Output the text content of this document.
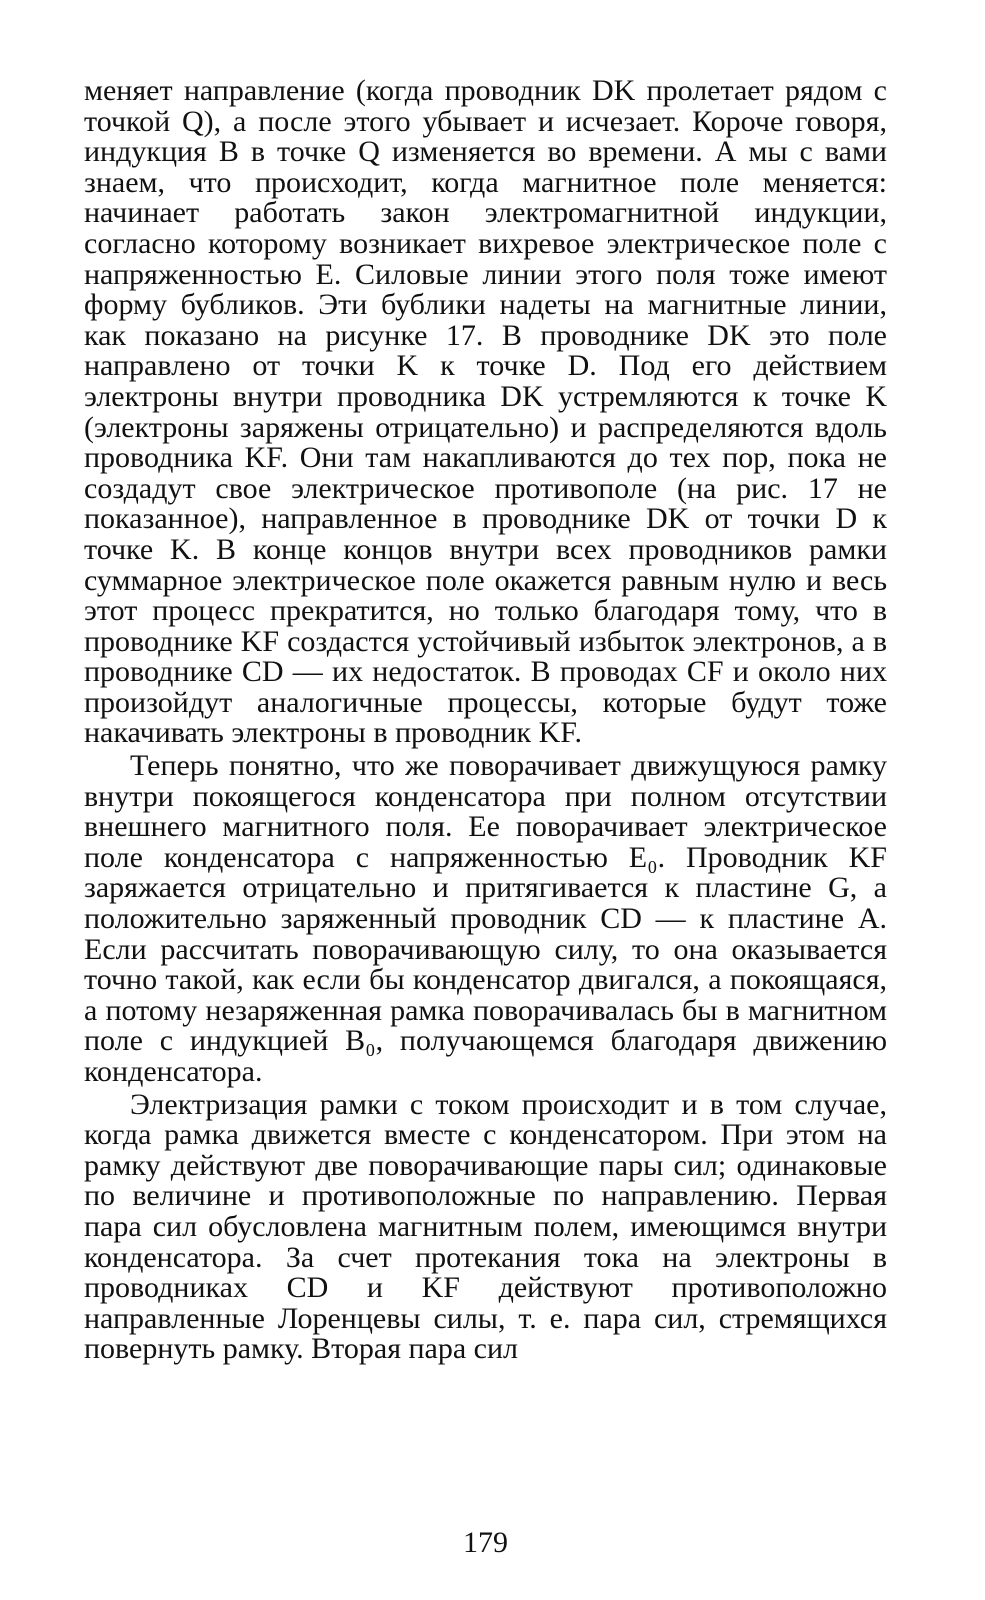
меняет направление (когда проводник DK пролетает рядом с точкой Q), а после этого убывает и исчезает. Короче говоря, индукция B в точке Q изменяется во времени. А мы с вами знаем, что происходит, когда магнитное поле меняется: начинает работать закон электромагнитной индукции, согласно которому возникает вихревое электрическое поле с напряженностью E. Силовые линии этого поля тоже имеют форму бубликов. Эти бублики надеты на магнитные линии, как показано на рисунке 17. В проводнике DK это поле направлено от точки K к точке D. Под его действием электроны внутри проводника DK устремляются к точке K (электроны заряжены отрицательно) и распределяются вдоль проводника KF. Они там накапливаются до тех пор, пока не создадут свое электрическое противополе (на рис. 17 не показанное), направленное в проводнике DK от точки D к точке K. В конце концов внутри всех проводников рамки суммарное электрическое поле окажется равным нулю и весь этот процесс прекратится, но только благодаря тому, что в проводнике KF создастся устойчивый избыток электронов, а в проводнике CD — их недостаток. В проводах CF и около них произойдут аналогичные процессы, которые будут тоже накачивать электроны в проводник KF.

Теперь понятно, что же поворачивает движущуюся рамку внутри покоящегося конденсатора при полном отсутствии внешнего магнитного поля. Ее поворачивает электрическое поле конденсатора с напряженностью E₀. Проводник KF заряжается отрицательно и притягивается к пластине G, а положительно заряженный проводник CD — к пластине A. Если рассчитать поворачивающую силу, то она оказывается точно такой, как если бы конденсатор двигался, а покоящаяся, а потому незаряженная рамка поворачивалась бы в магнитном поле с индукцией B₀, получающемся благодаря движению конденсатора.

Электризация рамки с током происходит и в том случае, когда рамка движется вместе с конденсатором. При этом на рамку действуют две поворачивающие пары сил; одинаковые по величине и противоположные по направлению. Первая пара сил обусловлена магнитным полем, имеющимся внутри конденсатора. За счет протекания тока на электроны в проводниках CD и KF действуют противоположно направленные Лоренцевы силы, т. е. пара сил, стремящихся повернуть рамку. Вторая пара сил

179
